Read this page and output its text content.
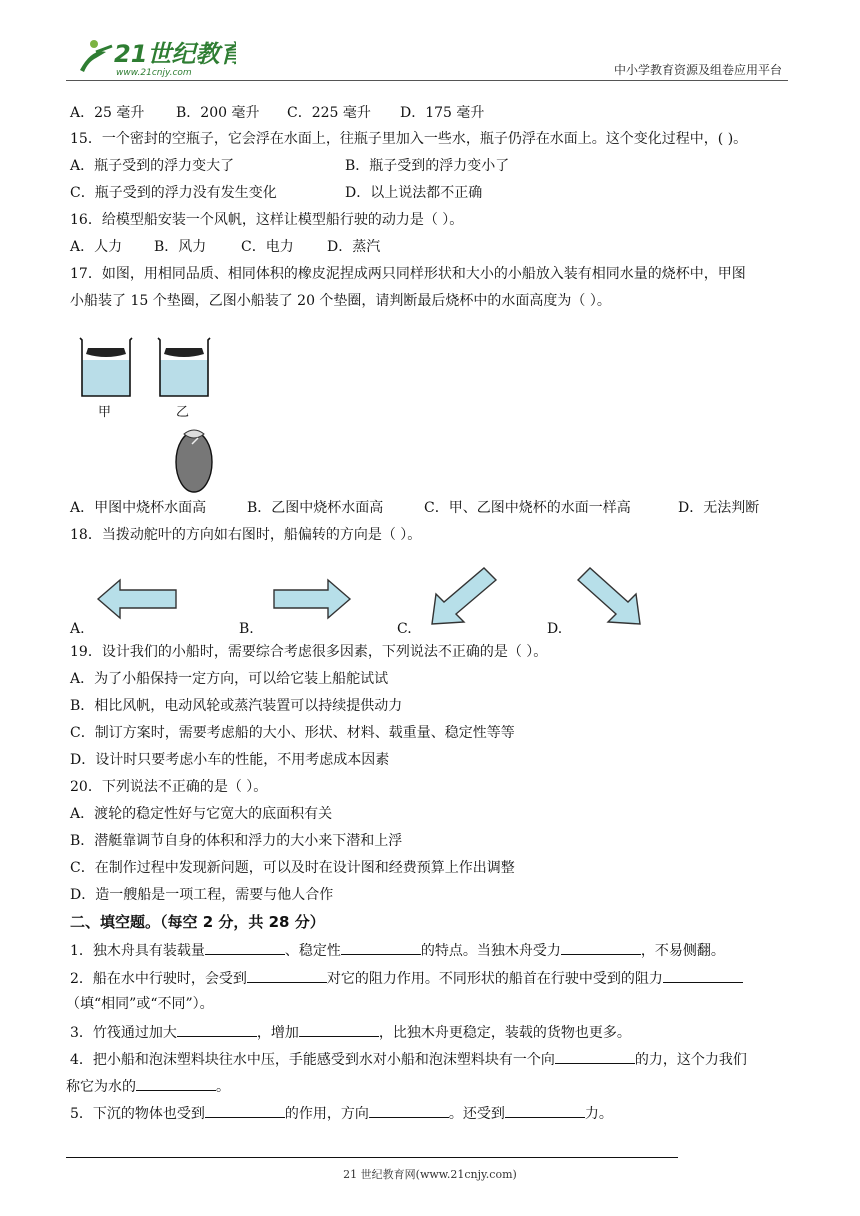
21世纪教育
www.21cnjy.com	中小学教育资源及组卷应用平台
A．25 毫升 B．200 毫升 C．225 毫升 D．175 毫升
15．一个密封的空瓶子，它会浮在水面上，往瓶子里加入一些水，瓶子仍浮在水面上。这个变化过程中，( )。
A．瓶子受到的浮力变大了	B．瓶子受到的浮力变小了
C．瓶子受到的浮力没有发生变化	D．以上说法都不正确
16．给模型船安装一个风帆，这样让模型船行驶的动力是（ ）。
A．人力 B．风力 C．电力 D．蒸汽
17．如图，用相同品质、相同体积的橡皮泥捏成两只同样形状和大小的小船放入装有相同水量的烧杯中，甲图
小船装了 15 个垫圈，乙图小船装了 20 个垫圈，请判断最后烧杯中的水面高度为（ ）。
甲	乙
A．甲图中烧杯水面高	B．乙图中烧杯水面高	C．甲、乙图中烧杯的水面一样高	D．无法判断
18．当拨动舵叶的方向如右图时，船偏转的方向是（ ）。
A.	B.	C.	D.
19．设计我们的小船时，需要综合考虑很多因素，下列说法不正确的是（ ）。
A．为了小船保持一定方向，可以给它装上船舵试试
B．相比风帆，电动风轮或蒸汽装置可以持续提供动力
C．制订方案时，需要考虑船的大小、形状、材料、载重量、稳定性等等
D．设计时只要考虑小车的性能，不用考虑成本因素
20．下列说法不正确的是（ ）。
A．渡轮的稳定性好与它宽大的底面积有关
B．潜艇靠调节自身的体积和浮力的大小来下潜和上浮
C．在制作过程中发现新问题，可以及时在设计图和经费预算上作出调整
D．造一艘船是一项工程，需要与他人合作
二、填空题。（每空 2 分，共 28 分）
1．独木舟具有装载量	、稳定性	的特点。当独木舟受力	，不易侧翻。
2．船在水中行驶时，会受到	对它的阻力作用。不同形状的船首在行驶中受到的阻力
（填“相同”或“不同”）。
3．竹筏通过加大	，增加	，比独木舟更稳定，装载的货物也更多。
4．把小船和泡沫塑料块往水中压，手能感受到水对小船和泡沫塑料块有一个向	的力，这个力我们
称它为水的	。
5．下沉的物体也受到	的作用，方向	。还受到	力。
21 世纪教育网(www.21cnjy.com)
